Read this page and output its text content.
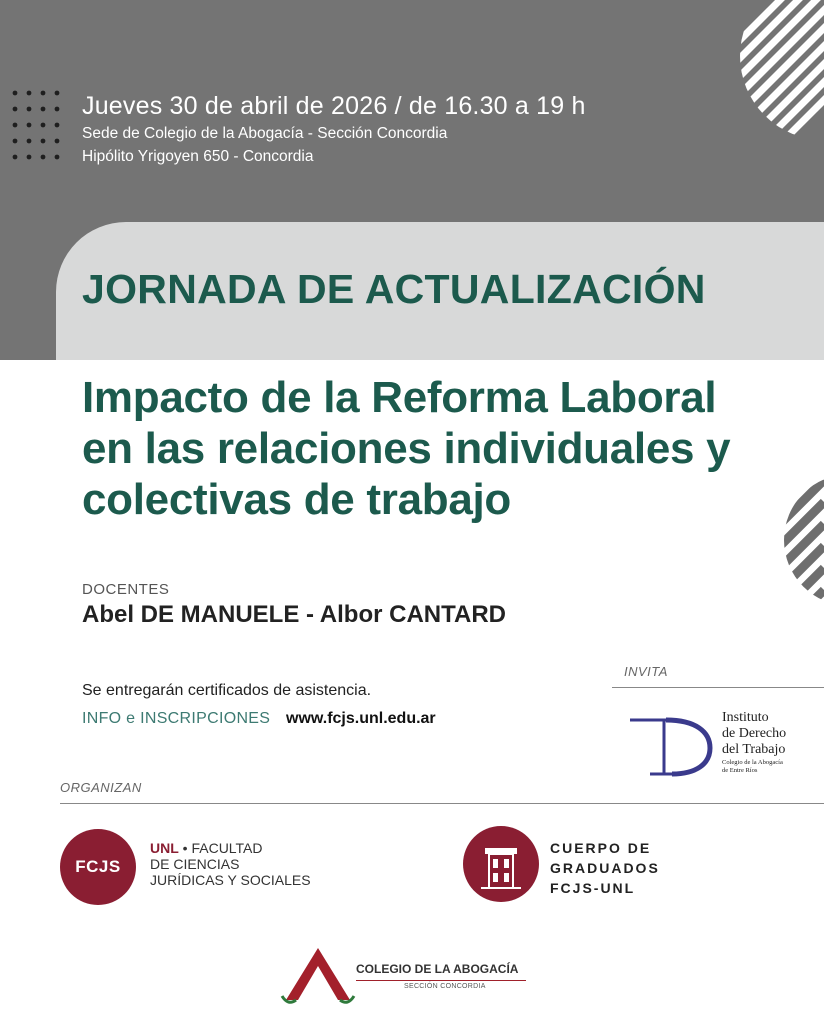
Jueves 30 de abril de 2026 / de 16.30 a 19 h
Sede de Colegio de la Abogacía - Sección Concordia
Hipólito Yrigoyen 650 - Concordia
JORNADA DE ACTUALIZACIÓN
Impacto de la Reforma Laboral
en las relaciones individuales y
colectivas de trabajo
DOCENTES
Abel DE MANUELE - Albor CANTARD
INVITA
Se entregarán certificados de asistencia.
INFO e INSCRIPCIONES www.fcjs.unl.edu.ar	Instituto
de Derecho
del Trabajo
Colegio de la Abogacía
de Entre Ríos
ORGANIZAN
FCJS
UNL • FACULTAD
DE CIENCIAS
JURÍDICAS Y SOCIALES
CUERPO DE
GRADUADOS
FCJS-UNL
COLEGIO DE LA ABOGACÍA
SECCIÓN CONCORDIA
